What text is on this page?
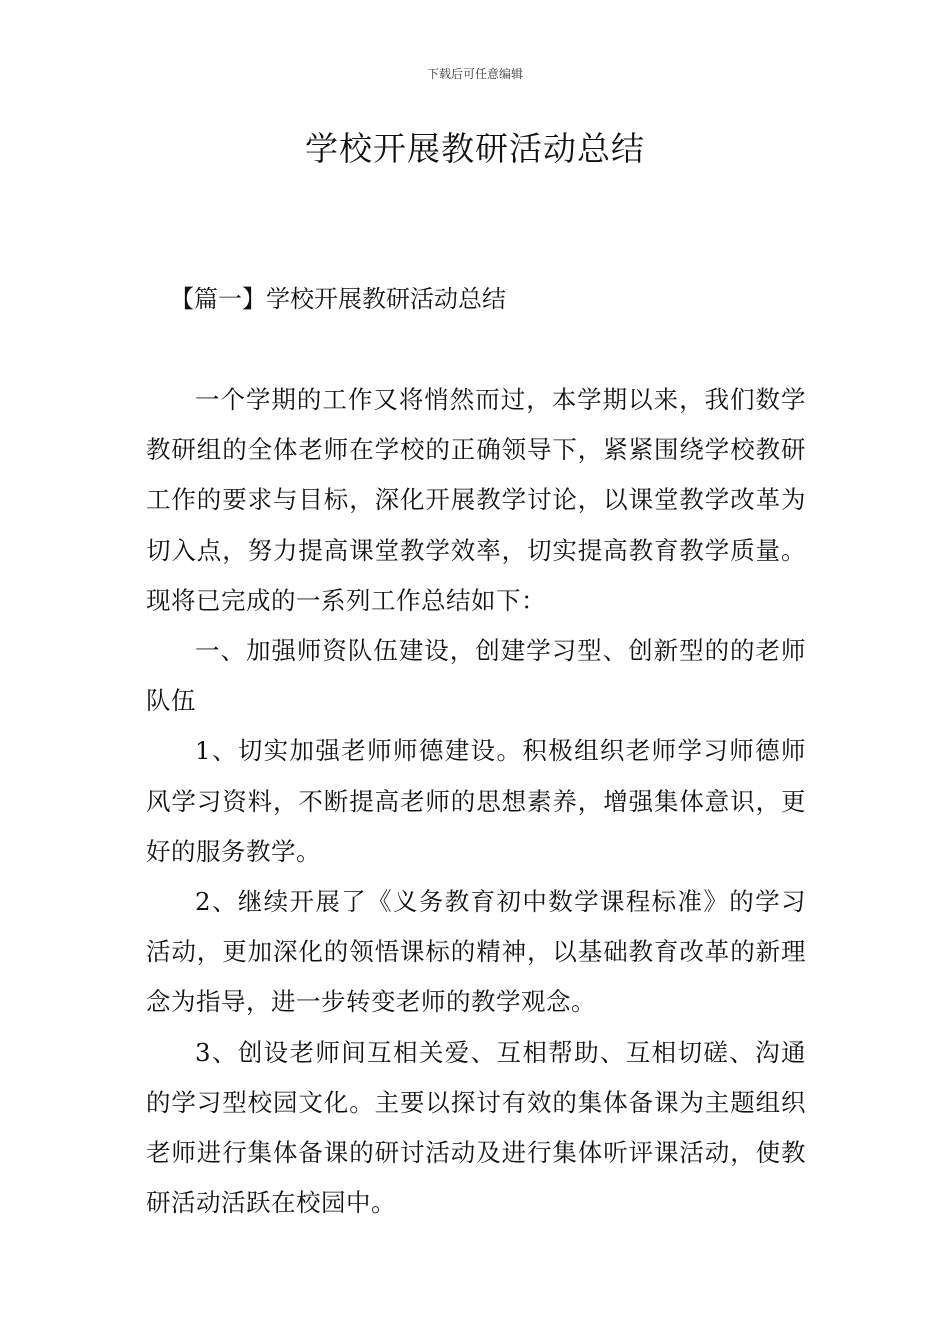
下载后可任意编辑
学校开展教研活动总结
【篇一】学校开展教研活动总结

一个学期的工作又将悄然而过，本学期以来，我们数学教研组的全体老师在学校的正确领导下，紧紧围绕学校教研工作的要求与目标，深化开展教学讨论，以课堂教学改革为切入点，努力提高课堂教学效率，切实提高教育教学质量。现将已完成的一系列工作总结如下：

一、加强师资队伍建设，创建学习型、创新型的的老师队伍

1、切实加强老师师德建设。积极组织老师学习师德师风学习资料，不断提高老师的思想素养，增强集体意识，更好的服务教学。

2、继续开展了《义务教育初中数学课程标准》的学习活动，更加深化的领悟课标的精神，以基础教育改革的新理念为指导，进一步转变老师的教学观念。

3、创设老师间互相关爱、互相帮助、互相切磋、沟通的学习型校园文化。主要以探讨有效的集体备课为主题组织老师进行集体备课的研讨活动及进行集体听评课活动，使教研活动活跃在校园中。
